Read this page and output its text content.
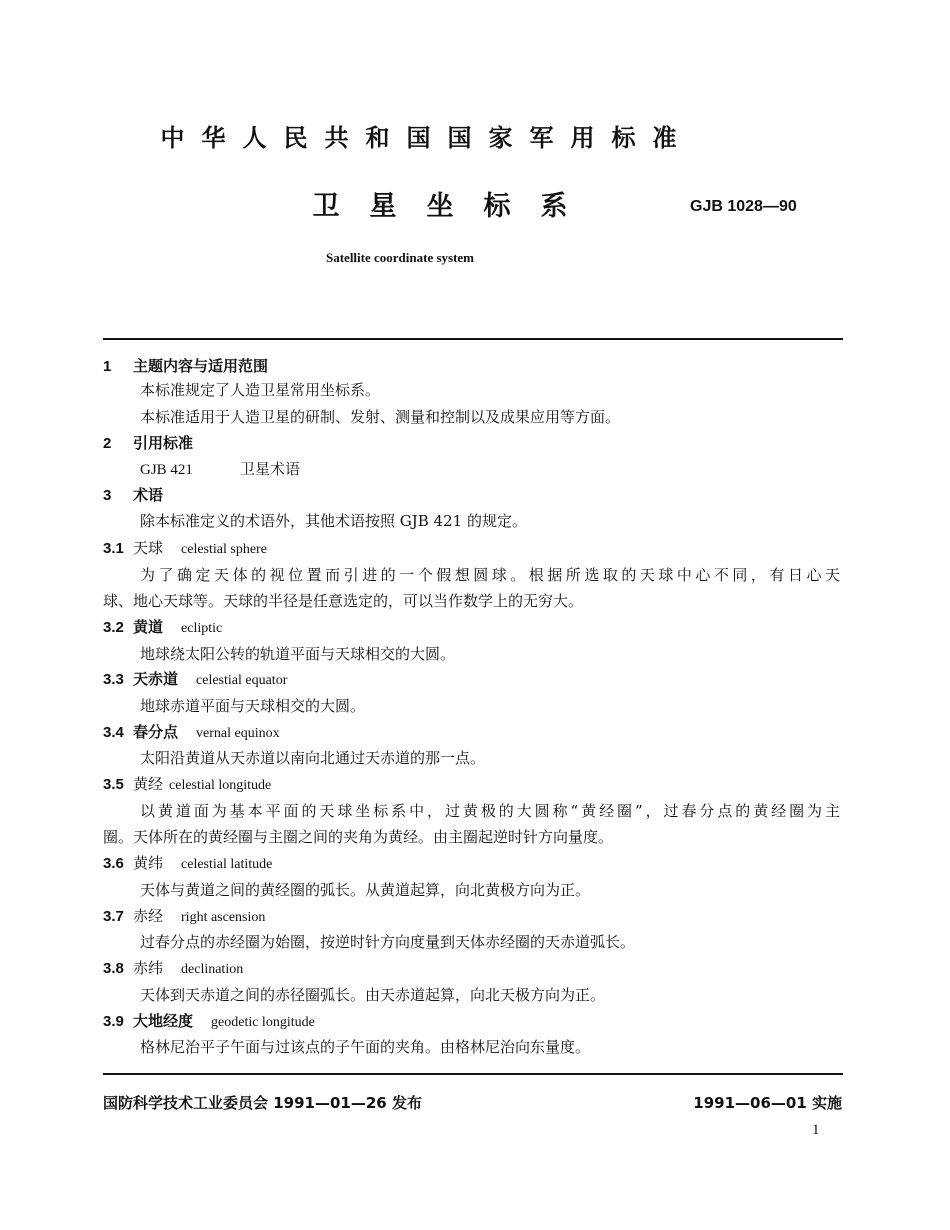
中华人民共和国国家军用标准
卫星坐标系	GJB 1028—90
Satellite coordinate system
1 主题内容与适用范围
本标准规定了人造卫星常用坐标系。
本标准适用于人造卫星的研制、发射、测量和控制以及成果应用等方面。
2 引用标准
GJB 421	卫星术语
3 术语
除本标准定义的术语外，其他术语按照 GJB 421 的规定。
3.1 天球 celestial sphere
为了确定天体的视位置而引进的一个假想圆球。根据所选取的天球中心不同，有日心天
球、地心天球等。天球的半径是任意选定的，可以当作数学上的无穷大。
3.2 黄道 ecliptic
地球绕太阳公转的轨道平面与天球相交的大圆。
3.3 天赤道 celestial equator
地球赤道平面与天球相交的大圆。
3.4 春分点 vernal equinox
太阳沿黄道从天赤道以南向北通过天赤道的那一点。
3.5 黄经 celestial longitude
以黄道面为基本平面的天球坐标系中，过黄极的大圆称“黄经圈”，过春分点的黄经圈为主
圈。天体所在的黄经圈与主圈之间的夹角为黄经。由主圈起逆时针方向量度。
3.6 黄纬 celestial latitude
天体与黄道之间的黄经圈的弧长。从黄道起算，向北黄极方向为正。
3.7 赤经 right ascension
过春分点的赤经圈为始圈，按逆时针方向度量到天体赤经圈的天赤道弧长。
3.8 赤纬 declination
天体到天赤道之间的赤径圈弧长。由天赤道起算，向北天极方向为正。
3.9 大地经度 geodetic longitude
格林尼治平子午面与过该点的子午面的夹角。由格林尼治向东量度。
国防科学技术工业委员会 1991—01—26 发布	1991—06—01 实施
1
